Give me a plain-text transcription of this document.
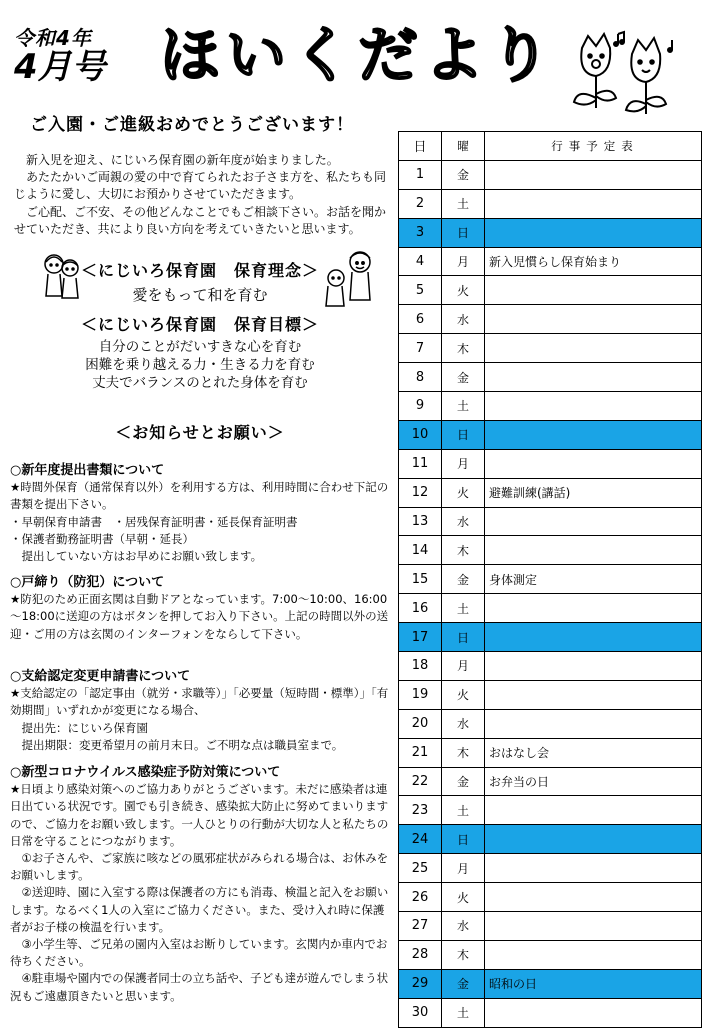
令和4年
4月号 ほいくだより
ご入園・ご進級おめでとうございます！

新入児を迎え、にじいろ保育園の新年度が始まりました。

あたたかいご両親の愛の中で育てられたお子さま方を、私たちも同じように愛し、大切にお預かりさせていただきます。

ご心配、ご不安、その他どんなことでもご相談下さい。お話を聞かせていただき、共により良い方向を考えていきたいと思います。

＜にじいろ保育園　保育理念＞
愛をもって和を育む
＜にじいろ保育園　保育目標＞
自分のことがだいすきな心を育む
困難を乗り越える力・生きる力を育む
丈夫でバランスのとれた身体を育む
＜お知らせとお願い＞
○新年度提出書類について

★時間外保育（通常保育以外）を利用する方は、利用時間に合わせ下記の書類を提出下さい。

・早朝保育申請書　・居残保育証明書・延長保育証明書

・保護者勤務証明書（早朝・延長）

　提出していない方はお早めにお願い致します。

○戸締り（防犯）について

★防犯のため正面玄関は自動ドアとなっています。7:00～10:00、16:00～18:00に送迎の方はボタンを押してお入り下さい。上記の時間以外の送迎・ご用の方は玄関のインターフォンをならして下さい。

○支給認定変更申請書について

★支給認定の「認定事由（就労・求職等）」「必要量（短時間・標準）」「有効期間」いずれかが変更になる場合、

提出先：にじいろ保育園

提出期限：変更希望月の前月末日。ご不明な点は職員室まで。

○新型コロナウイルス感染症予防対策について

★日頃より感染対策へのご協力ありがとうございます。未だに感染者は連日出ている状況です。園でも引き続き、感染拡大防止に努めてまいりますので、ご協力をお願い致します。一人ひとりの行動が大切な人と私たちの日常を守ることにつながります。

①お子さんや、ご家族に咳などの風邪症状がみられる場合は、お休みをお願いします。

②送迎時、園に入室する際は保護者の方にも消毒、検温と記入をお願いします。なるべく1人の入室にご協力ください。また、受け入れ時に保護者がお子様の検温を行います。

③小学生等、ご兄弟の園内入室はお断りしています。玄関内か車内でお待ちください。

④駐車場や園内での保護者同士の立ち話や、子ども達が遊んでしまう状況もご遠慮頂きたいと思います。

日	曜	行事予定表
1	金	
2	土	
3	日	
4	月	新入児慣らし保育始まり
5	火	
6	水	
7	木	
8	金	
9	土	
10	日	
11	月	
12	火	避難訓練(講話)
13	水	
14	木	
15	金	身体測定
16	土	
17	日	
18	月	
19	火	
20	水	
21	木	おはなし会
22	金	お弁当の日
23	土	
24	日	
25	月	
26	火	
27	水	
28	木	
29	金	昭和の日
30	土	
